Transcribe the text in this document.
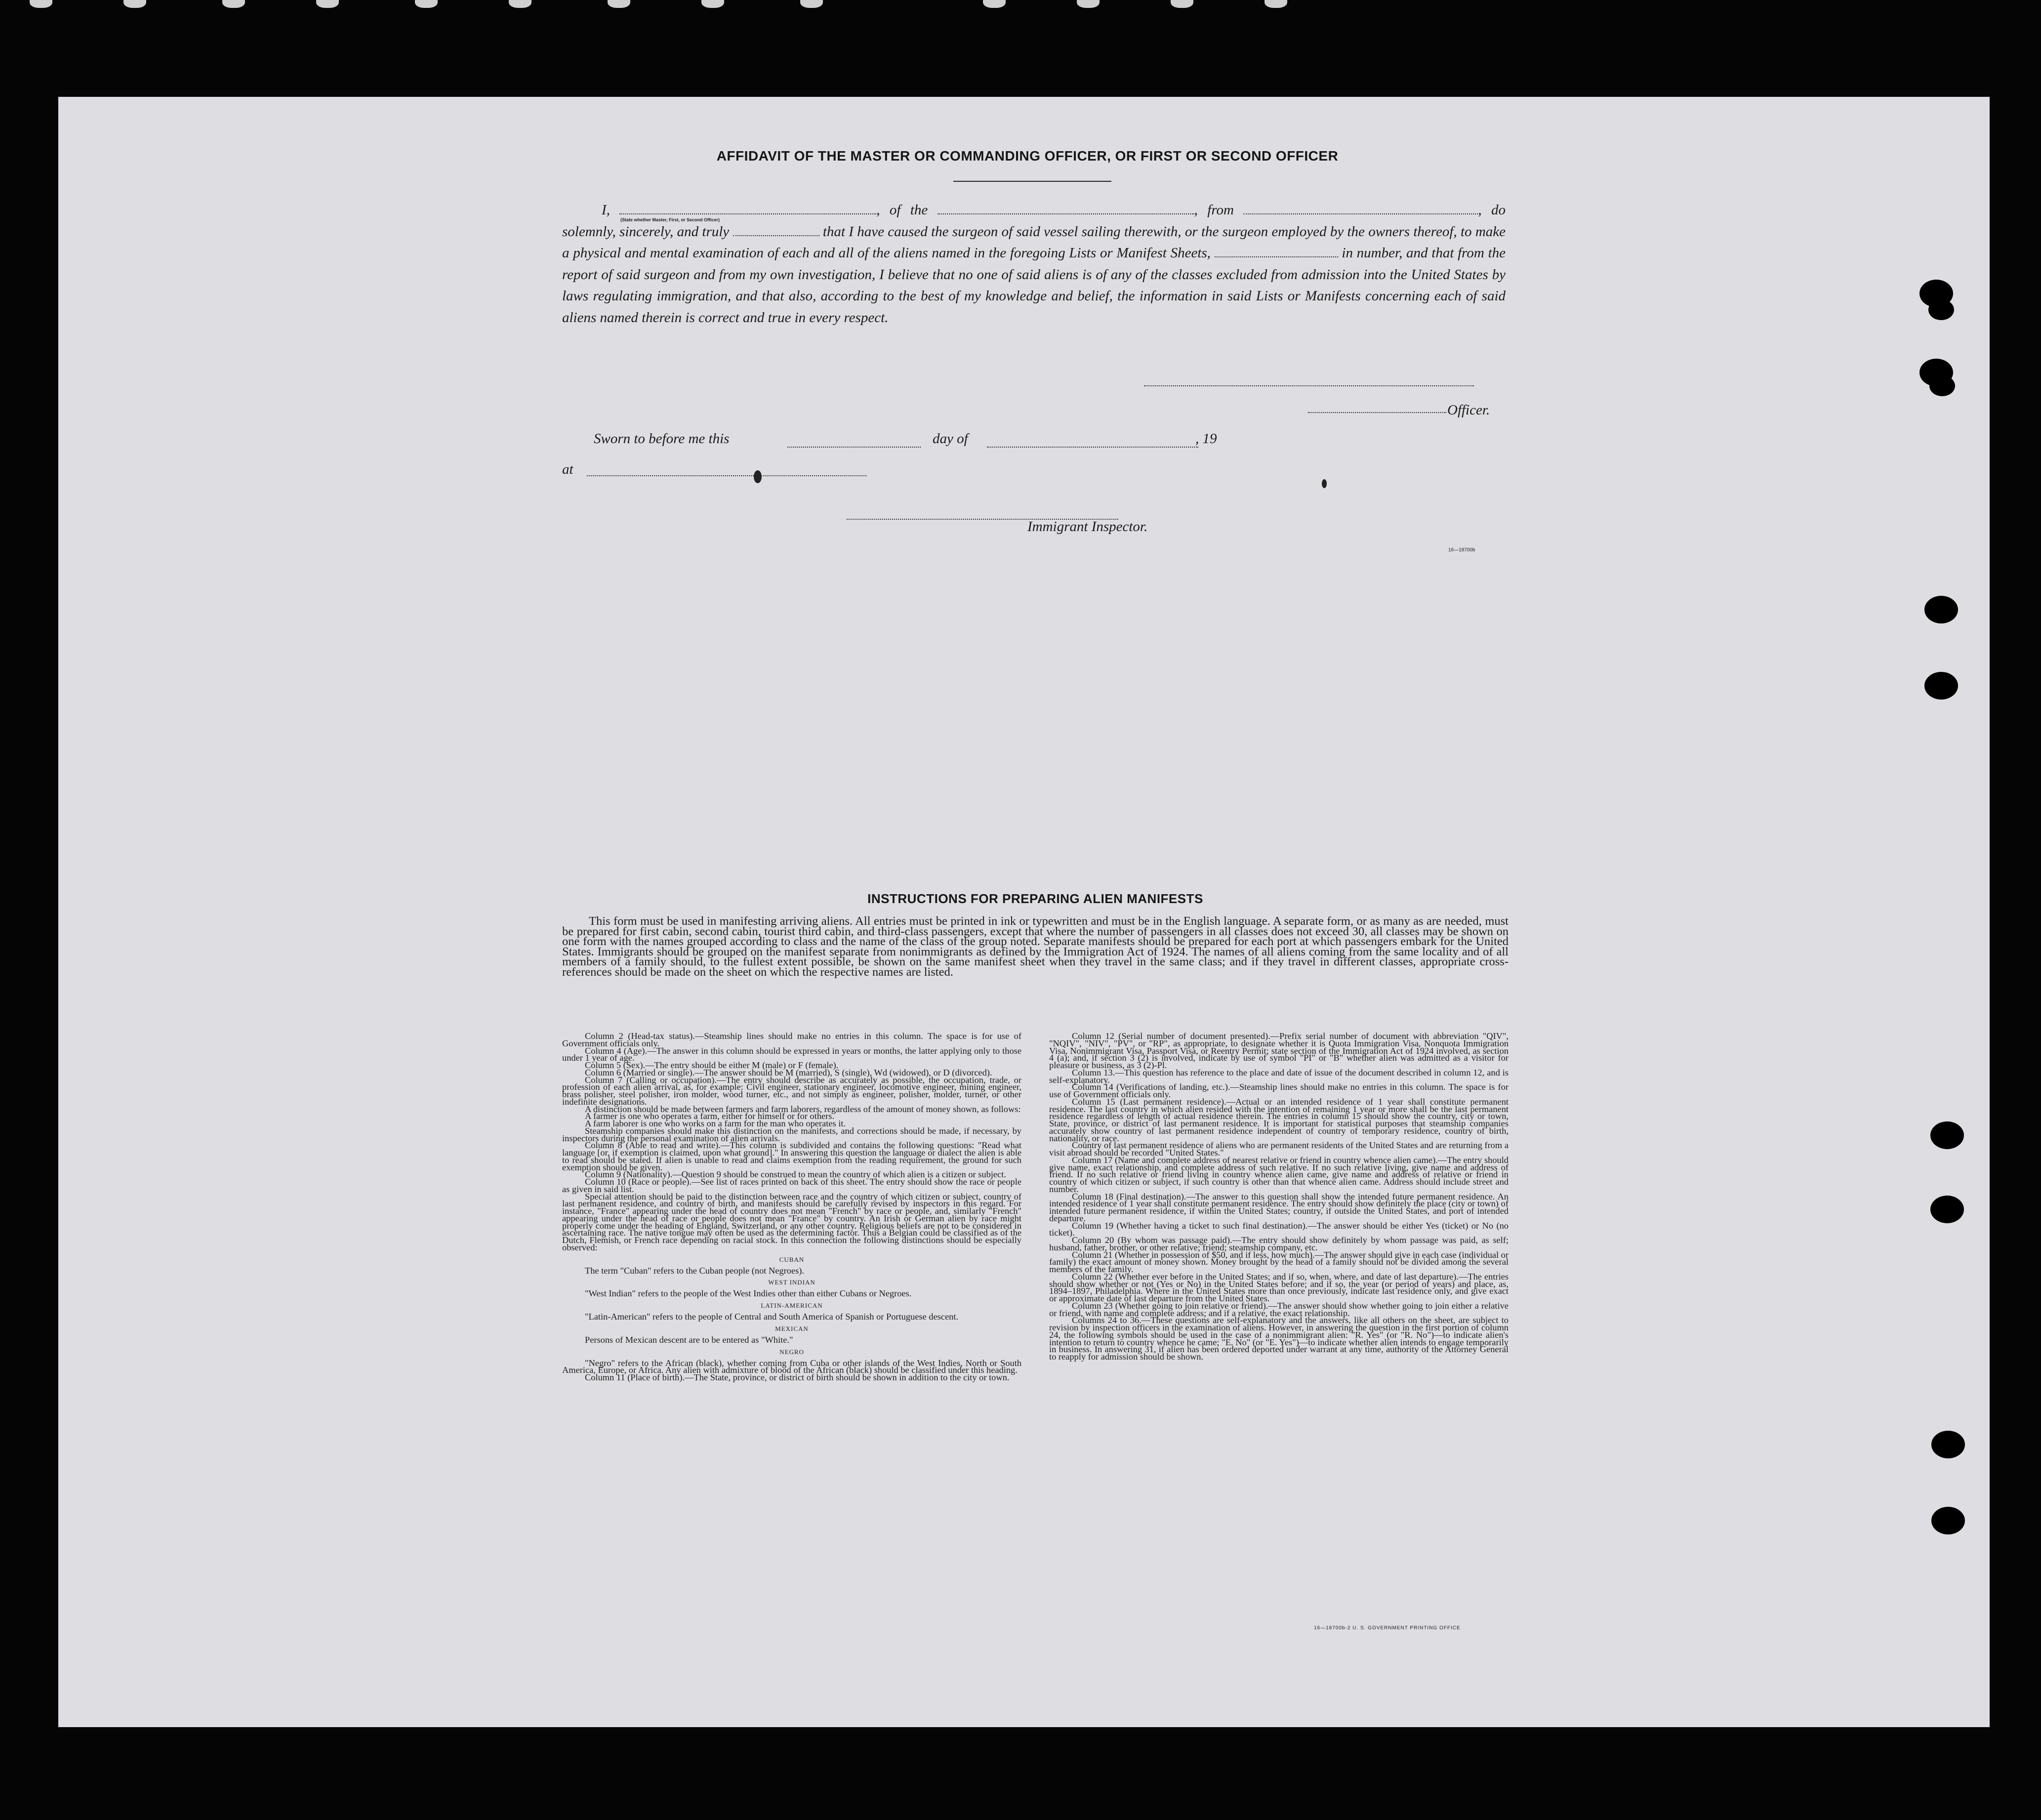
AFFIDAVIT OF THE MASTER OR COMMANDING OFFICER, OR FIRST OR SECOND OFFICER
I,	, of the	, from	, do
(State whether Master, First, or Second Officer)
solemnly, sincerely, and truly	that I have caused the surgeon of said vessel sailing therewith, or the surgeon employed by the owners thereof, to make a physical and mental examination of each and all of the aliens named in the foregoing Lists or Manifest Sheets,	in number, and that from the report of said surgeon and from my own investigation, I believe that no one of said aliens is of any of the classes excluded from admission into the United States by laws regulating immigration, and that also, according to the best of my knowledge and belief, the information in said Lists or Manifests concerning each of said aliens named therein is correct and true in every respect.
Officer.
Sworn to before me this	day of	, 19
at
Immigrant Inspector.
16—18700b
INSTRUCTIONS FOR PREPARING ALIEN MANIFESTS

This form must be used in manifesting arriving aliens. All entries must be printed in ink or typewritten and must be in the English language. A separate form, or as many as are needed, must be prepared for first cabin, second cabin, tourist third cabin, and third-class passengers, except that where the number of passengers in all classes does not exceed 30, all classes may be shown on one form with the names grouped according to class and the name of the class of the group noted. Separate manifests should be prepared for each port at which passengers embark for the United States. Immigrants should be grouped on the manifest separate from nonimmigrants as defined by the Immigration Act of 1924. The names of all aliens coming from the same locality and of all members of a family should, to the fullest extent possible, be shown on the same manifest sheet when they travel in the same class; and if they travel in different classes, appropriate cross-references should be made on the sheet on which the respective names are listed.

Column 2 (Head-tax status).—Steamship lines should make no entries in this column. The space is for use of Government officials only.

Column 4 (Age).—The answer in this column should be expressed in years or months, the latter applying only to those under 1 year of age.

Column 5 (Sex).—The entry should be either M (male) or F (female).

Column 6 (Married or single).—The answer should be M (married), S (single), Wd (widowed), or D (divorced).

Column 7 (Calling or occupation).—The entry should describe as accurately as possible, the occupation, trade, or profession of each alien arrival, as, for example: Civil engineer, stationary engineer, locomotive engineer, mining engineer, brass polisher, steel polisher, iron molder, wood turner, etc., and not simply as engineer, polisher, molder, turner, or other indefinite designations.

A distinction should be made between farmers and farm laborers, regardless of the amount of money shown, as follows:

A farmer is one who operates a farm, either for himself or for others.

A farm laborer is one who works on a farm for the man who operates it.

Steamship companies should make this distinction on the manifests, and corrections should be made, if necessary, by inspectors during the personal examination of alien arrivals.

Column 8 (Able to read and write).—This column is subdivided and contains the following questions: "Read what language [or, if exemption is claimed, upon what ground]." In answering this question the language or dialect the alien is able to read should be stated. If alien is unable to read and claims exemption from the reading requirement, the ground for such exemption should be given.

Column 9 (Nationality).—Question 9 should be construed to mean the country of which alien is a citizen or subject.

Column 10 (Race or people).—See list of races printed on back of this sheet. The entry should show the race or people as given in said list.

Special attention should be paid to the distinction between race and the country of which citizen or subject, country of last permanent residence, and country of birth, and manifests should be carefully revised by inspectors in this regard. For instance, "France" appearing under the head of country does not mean "French" by race or people, and, similarly "French" appearing under the head of race or people does not mean "France" by country. An Irish or German alien by race might properly come under the heading of England, Switzerland, or any other country. Religious beliefs are not to be considered in ascertaining race. The native tongue may often be used as the determining factor. Thus a Belgian could be classified as of the Dutch, Flemish, or French race depending on racial stock. In this connection the following distinctions should be especially observed:

CUBAN

The term "Cuban" refers to the Cuban people (not Negroes).

WEST INDIAN

"West Indian" refers to the people of the West Indies other than either Cubans or Negroes.

LATIN-AMERICAN

"Latin-American" refers to the people of Central and South America of Spanish or Portuguese descent.

MEXICAN

Persons of Mexican descent are to be entered as "White."

NEGRO

"Negro" refers to the African (black), whether coming from Cuba or other islands of the West Indies, North or South America, Europe, or Africa. Any alien with admixture of blood of the African (black) should be classified under this heading.

Column 11 (Place of birth).—The State, province, or district of birth should be shown in addition to the city or town.

Column 12 (Serial number of document presented).—Prefix serial number of document with abbreviation "QIV", "NQIV", "NIV", "PV", or "RP", as appropriate, to designate whether it is Quota Immigration Visa, Nonquota Immigration Visa, Nonimmigrant Visa, Passport Visa, or Reentry Permit; state section of the Immigration Act of 1924 involved, as section 4 (a); and, if section 3 (2) is involved, indicate by use of symbol "PI" or "B" whether alien was admitted as a visitor for pleasure or business, as 3 (2)-Pl.

Column 13.—This question has reference to the place and date of issue of the document described in column 12, and is self-explanatory.

Column 14 (Verifications of landing, etc.).—Steamship lines should make no entries in this column. The space is for use of Government officials only.

Column 15 (Last permanent residence).—Actual or an intended residence of 1 year shall constitute permanent residence. The last country in which alien resided with the intention of remaining 1 year or more shall be the last permanent residence regardless of length of actual residence therein. The entries in column 15 should show the country, city or town, State, province, or district of last permanent residence. It is important for statistical purposes that steamship companies accurately show country of last permanent residence independent of country of temporary residence, country of birth, nationality, or race.

Country of last permanent residence of aliens who are permanent residents of the United States and are returning from a visit abroad should be recorded "United States."

Column 17 (Name and complete address of nearest relative or friend in country whence alien came).—The entry should give name, exact relationship, and complete address of such relative. If no such relative living, give name and address of friend. If no such relative or friend living in country whence alien came, give name and address of relative or friend in country of which citizen or subject, if such country is other than that whence alien came. Address should include street and number.

Column 18 (Final destination).—The answer to this question shall show the intended future permanent residence. An intended residence of 1 year shall constitute permanent residence. The entry should show definitely the place (city or town) of intended future permanent residence, if within the United States; country, if outside the United States, and port of intended departure.

Column 19 (Whether having a ticket to such final destination).—The answer should be either Yes (ticket) or No (no ticket).

Column 20 (By whom was passage paid).—The entry should show definitely by whom passage was paid, as self; husband, father, brother, or other relative; friend; steamship company, etc.

Column 21 (Whether in possession of $50, and if less, how much).—The answer should give in each case (individual or family) the exact amount of money shown. Money brought by the head of a family should not be divided among the several members of the family.

Column 22 (Whether ever before in the United States; and if so, when, where, and date of last departure).—The entries should show whether or not (Yes or No) in the United States before; and if so, the year (or period of years) and place, as, 1894–1897, Philadelphia. Where in the United States more than once previously, indicate last residence only, and give exact or approximate date of last departure from the United States.

Column 23 (Whether going to join relative or friend).—The answer should show whether going to join either a relative or friend, with name and complete address; and if a relative, the exact relationship.

Columns 24 to 36.—These questions are self-explanatory and the answers, like all others on the sheet, are subject to revision by inspection officers in the examination of aliens. However, in answering the question in the first portion of column 24, the following symbols should be used in the case of a nonimmigrant alien: "R. Yes" (or "R. No")—to indicate alien's intention to return to country whence he came; "E. No" (or "E. Yes")—to indicate whether alien intends to engage temporarily in business. In answering 31, if alien has been ordered deported under warrant at any time, authority of the Attorney General to reapply for admission should be shown.

16—18700b-2 U. S. GOVERNMENT PRINTING OFFICE
